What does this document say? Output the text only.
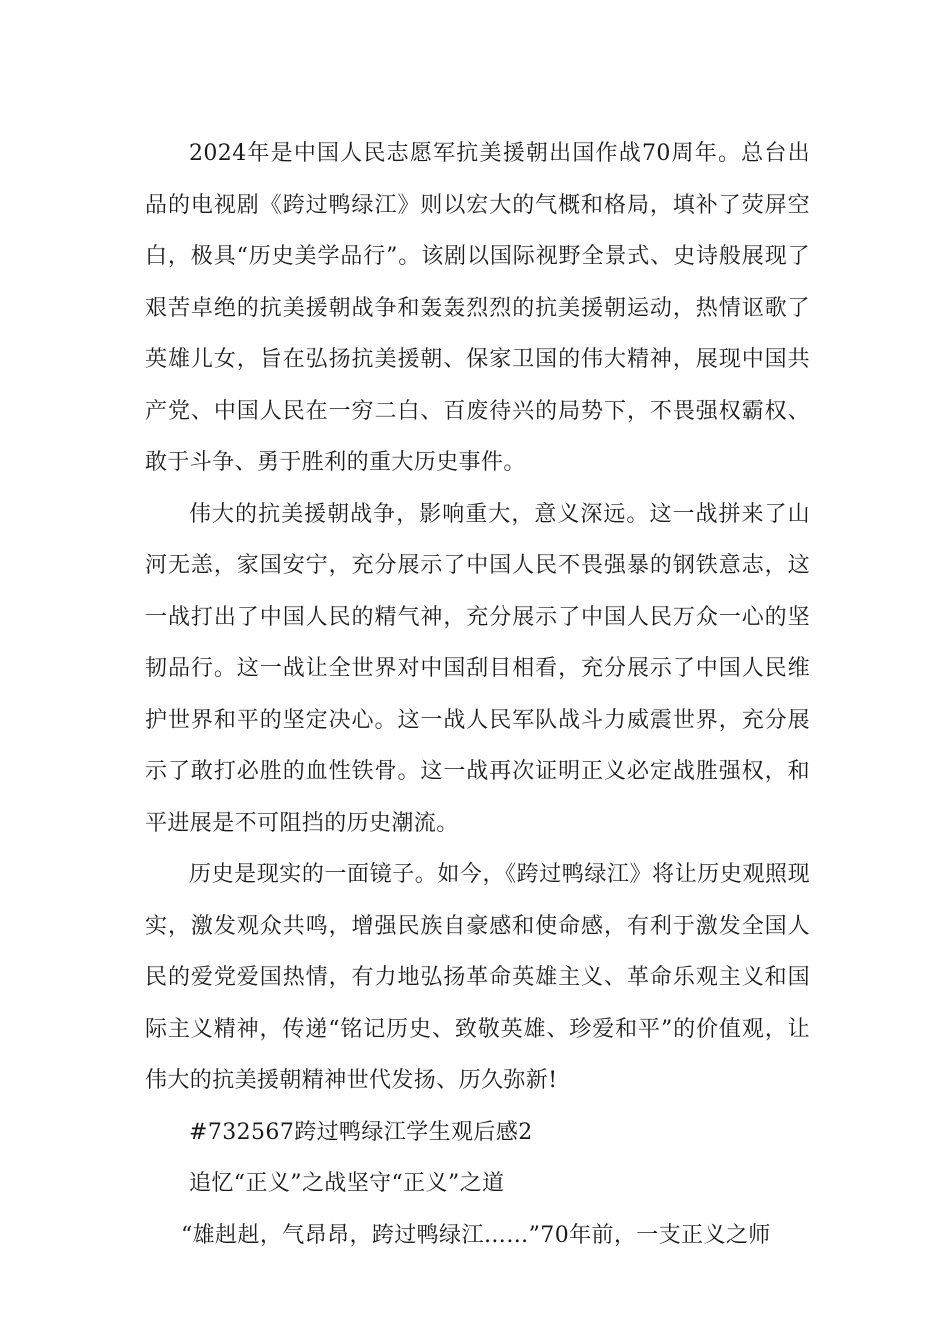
2024年是中国人民志愿军抗美援朝出国作战70周年。总台出品的电视剧《跨过鸭绿江》则以宏大的气概和格局，填补了荧屏空白，极具“历史美学品行”。该剧以国际视野全景式、史诗般展现了艰苦卓绝的抗美援朝战争和轰轰烈烈的抗美援朝运动，热情讴歌了英雄儿女，旨在弘扬抗美援朝、保家卫国的伟大精神，展现中国共产党、中国人民在一穷二白、百废待兴的局势下，不畏强权霸权、敢于斗争、勇于胜利的重大历史事件。

伟大的抗美援朝战争，影响重大，意义深远。这一战拼来了山河无恙，家国安宁，充分展示了中国人民不畏强暴的钢铁意志，这一战打出了中国人民的精气神，充分展示了中国人民万众一心的坚韧品行。这一战让全世界对中国刮目相看，充分展示了中国人民维护世界和平的坚定决心。这一战人民军队战斗力威震世界，充分展示了敢打必胜的血性铁骨。这一战再次证明正义必定战胜强权，和平进展是不可阻挡的历史潮流。

历史是现实的一面镜子。如今，《跨过鸭绿江》将让历史观照现实，激发观众共鸣，增强民族自豪感和使命感，有利于激发全国人民的爱党爱国热情，有力地弘扬革命英雄主义、革命乐观主义和国际主义精神，传递“铭记历史、致敬英雄、珍爱和平”的价值观，让伟大的抗美援朝精神世代发扬、历久弥新!

#732567跨过鸭绿江学生观后感2

追忆“正义”之战坚守“正义”之道

“雄赳赳，气昂昂，跨过鸭绿江……”70年前，一支正义之师
